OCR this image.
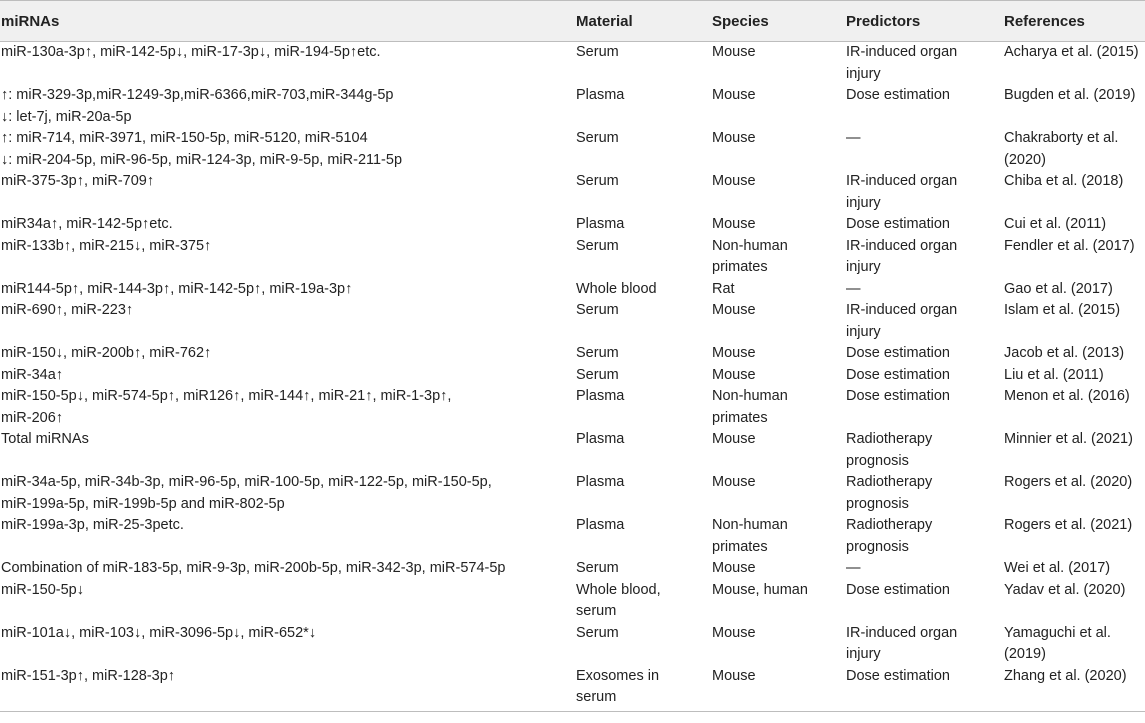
miRNAs	Material	Species	Predictors	References

miR-130a-3p↑, miR-142-5p↓, miR-17-3p↓, miR-194-5p↑etc.	Serum	Mouse	IR-induced organ
injury	Acharya et al. (2015)

↑: miR-329-3p,miR-1249-3p,miR-6366,miR-703,miR-344g-5p
↓: let-7j, miR-20a-5p	Plasma	Mouse	Dose estimation	Bugden et al. (2019)

↑: miR-714, miR-3971, miR-150-5p, miR-5120, miR-5104
↓: miR-204-5p, miR-96-5p, miR-124-3p, miR-9-5p, miR-211-5p	Serum	Mouse	—	Chakraborty et al.
(2020)

miR-375-3p↑, miR-709↑	Serum	Mouse	IR-induced organ
injury	Chiba et al. (2018)

miR34a↑, miR-142-5p↑etc.	Plasma	Mouse	Dose estimation	Cui et al. (2011)

miR-133b↑, miR-215↓, miR-375↑	Serum	Non-human
primates	IR-induced organ
injury	Fendler et al. (2017)

miR144-5p↑, miR-144-3p↑, miR-142-5p↑, miR-19a-3p↑	Whole blood	Rat	—	Gao et al. (2017)

miR-690↑, miR-223↑	Serum	Mouse	IR-induced organ
injury	Islam et al. (2015)

miR-150↓, miR-200b↑, miR-762↑	Serum	Mouse	Dose estimation	Jacob et al. (2013)

miR-34a↑	Serum	Mouse	Dose estimation	Liu et al. (2011)

miR-150-5p↓, miR-574-5p↑, miR126↑, miR-144↑, miR-21↑, miR-1-3p↑,
miR-206↑	Plasma	Non-human
primates	Dose estimation	Menon et al. (2016)

Total miRNAs	Plasma	Mouse	Radiotherapy
prognosis	Minnier et al. (2021)

miR-34a-5p, miR-34b-3p, miR-96-5p, miR-100-5p, miR-122-5p, miR-150-5p,
miR-199a-5p, miR-199b-5p and miR-802-5p	Plasma	Mouse	Radiotherapy
prognosis	Rogers et al. (2020)

miR-199a-3p, miR-25-3petc.	Plasma	Non-human
primates	Radiotherapy
prognosis	Rogers et al. (2021)

Combination of miR-183-5p, miR-9-3p, miR-200b-5p, miR-342-3p, miR-574-5p	Serum	Mouse	—	Wei et al. (2017)

miR-150-5p↓	Whole blood,
serum	Mouse, human	Dose estimation	Yadav et al. (2020)

miR-101a↓, miR-103↓, miR-3096-5p↓, miR-652*↓	Serum	Mouse	IR-induced organ
injury	Yamaguchi et al.
(2019)

miR-151-3p↑, miR-128-3p↑	Exosomes in
serum	Mouse	Dose estimation	Zhang et al. (2020)
